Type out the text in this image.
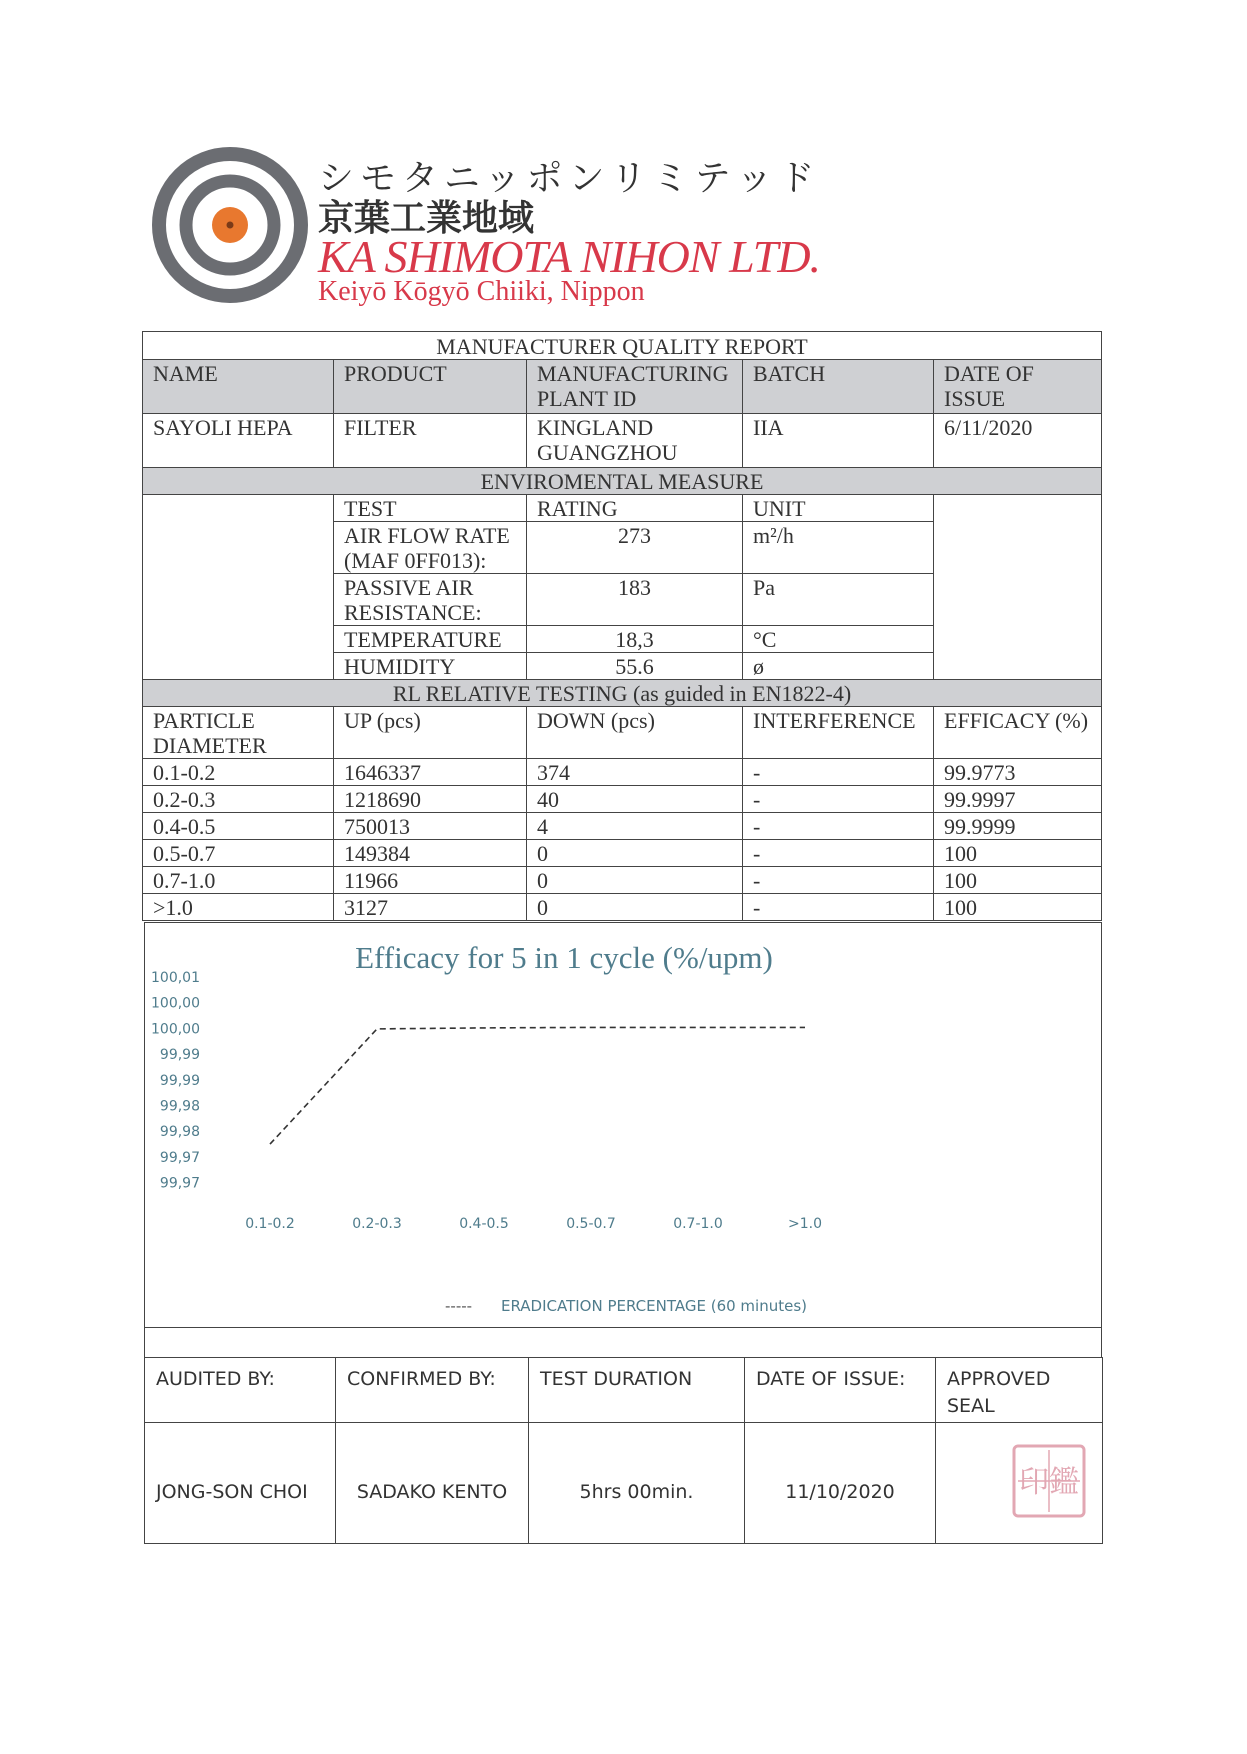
シモタニッポンリミテッド
京葉工業地域
KA SHIMOTA NIHON LTD.
Keiyō Kōgyō Chiiki, Nippon
MANUFACTURER QUALITY REPORT				
NAME	PRODUCT	MANUFACTURING PLANT ID	BATCH	DATE OF ISSUE
SAYOLI HEPA	FILTER	KINGLAND GUANGZHOU	IIA	6/11/2020
ENVIROMENTAL MEASURE				
	TEST	RATING	UNIT	
	AIR FLOW RATE (MAF 0FF013):	273	m²/h	
	PASSIVE AIR RESISTANCE:	183	Pa	
	TEMPERATURE	18,3	°C	
	HUMIDITY	55.6	ø	
RL RELATIVE TESTING (as guided in EN1822-4)				
PARTICLE DIAMETER	UP (pcs)	DOWN (pcs)	INTERFERENCE	EFFICACY (%)
0.1-0.2	1646337	374	-	99.9773
0.2-0.3	1218690	40	-	99.9997
0.4-0.5	750013	4	-	99.9999
0.5-0.7	149384	0	-	100
0.7-1.0	11966	0	-	100
>1.0	3127	0	-	100
Efficacy for 5 in 1 cycle (%/upm)
100,01
100,00
100,00
99,99
99,99
99,98
99,98
99,97
99,97
0.1-0.2	0.2-0.3	0.4-0.5	0.5-0.7	0.7-1.0	>1.0
----- ERADICATION PERCENTAGE (60 minutes)
AUDITED BY:	CONFIRMED BY:	TEST DURATION	DATE OF ISSUE:	APPROVED SEAL
JONG-SON CHOI	SADAKO KENTO	5hrs 00min.	11/10/2020	印鑑
